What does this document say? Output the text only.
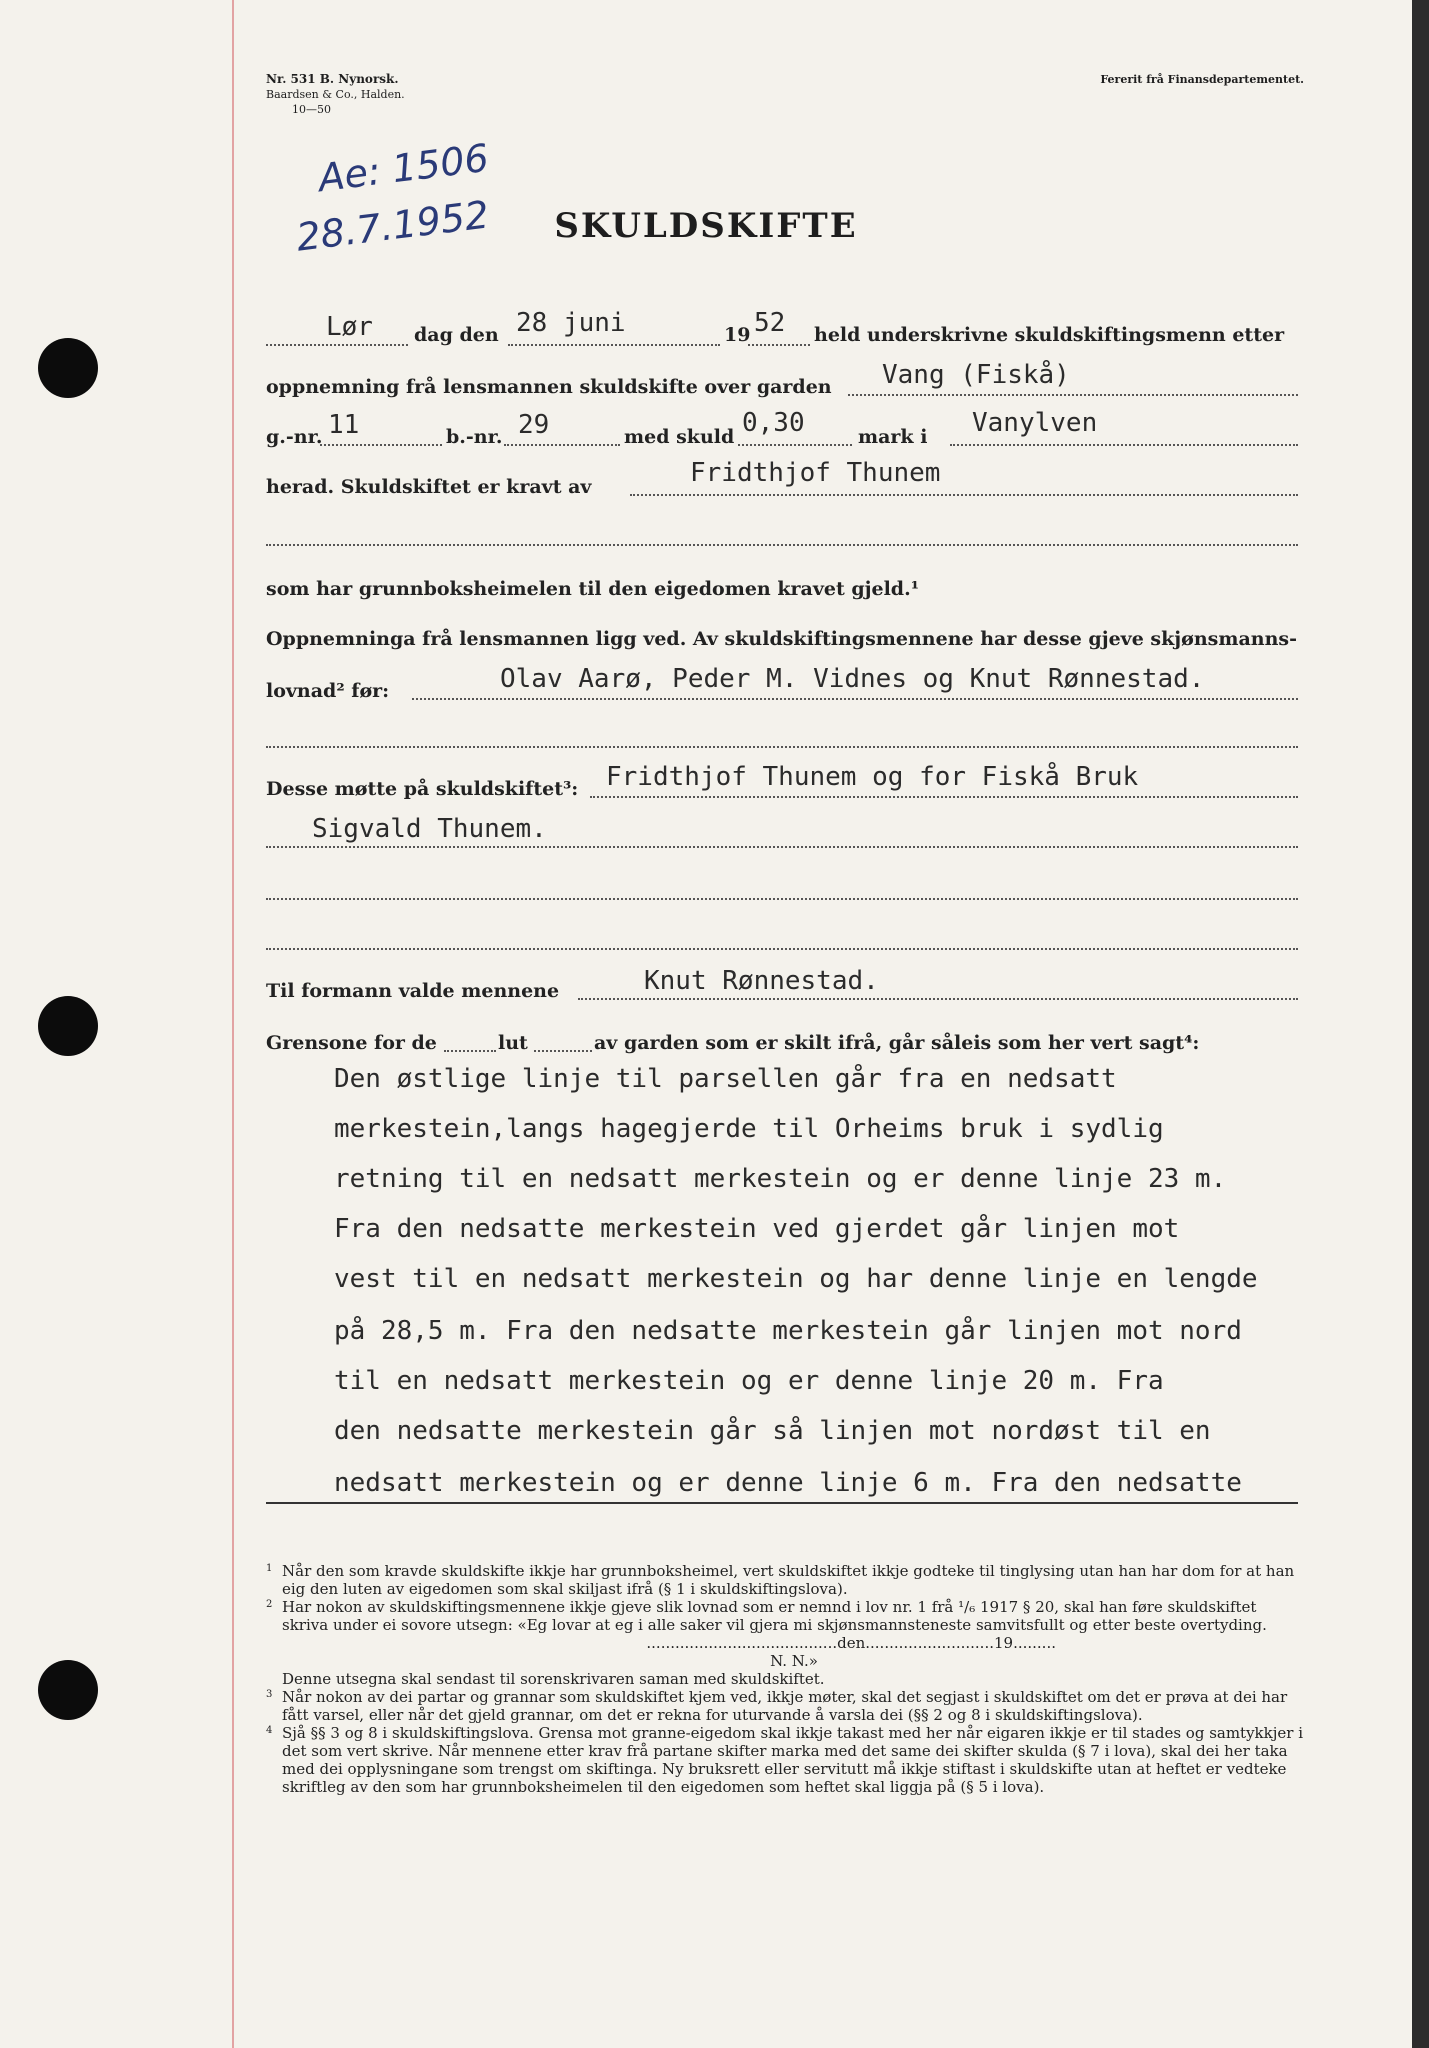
Nr. 531 B. Nynorsk.
Baardsen & Co., Halden.
10—50
Fererit frå Finansdepartementet.
Ae: 1506
28.7.1952	SKULDSKIFTE
Lør dag den 28 juni	19 52 held underskrivne skuldskiftingsmenn etter
oppnemning frå lensmannen skuldskifte over garden Vang (Fiskå)
g.-nr. 11	b.-nr. 29	med skuld 0,30	mark i Vanylven
herad. Skuldskiftet er kravt av	Fridthjof Thunem
som har grunnboksheimelen til den eigedomen kravet gjeld.¹
Oppnemninga frå lensmannen ligg ved. Av skuldskiftingsmennene har desse gjeve skjønsmanns-
lovnad² før:	Olav Aarø, Peder M. Vidnes og Knut Rønnestad.
Desse møtte på skuldskiftet³: Fridthjof Thunem og for Fiskå Bruk
Sigvald Thunem.
Til formann valde mennene	Knut Rønnestad.
Grensone for de	lut	av garden som er skilt ifrå, går såleis som her vert sagt⁴:
Den østlige linje til parsellen går fra en nedsatt
merkestein,langs hagegjerde til Orheims bruk i sydlig
retning til en nedsatt merkestein og er denne linje 23 m.
Fra den nedsatte merkestein ved gjerdet går linjen mot
vest til en nedsatt merkestein og har denne linje en lengde
på 28,5 m. Fra den nedsatte merkestein går linjen mot nord
til en nedsatt merkestein og er denne linje 20 m. Fra
den nedsatte merkestein går så linjen mot nordøst til en
nedsatt merkestein og er denne linje 6 m. Fra den nedsatte

1 Når den som kravde skuldskifte ikkje har grunnboksheimel, vert skuldskiftet ikkje godteke til tinglysing utan han har dom for at han eig den luten av eigedomen som skal skiljast ifrå (§ 1 i skuldskiftingslova).

2 Har nokon av skuldskiftingsmennene ikkje gjeve slik lovnad som er nemnd i lov nr. 1 frå ¹/₆ 1917 § 20, skal han føre skuldskiftet skriva under ei sovore utsegn: «Eg lovar at eg i alle saker vil gjera mi skjønsmannsteneste samvitsfullt og etter beste overtyding.

........................................den...........................19.........

N. N.»

Denne utsegna skal sendast til sorenskrivaren saman med skuldskiftet.

3 Når nokon av dei partar og grannar som skuldskiftet kjem ved, ikkje møter, skal det segjast i skuldskiftet om det er prøva at dei har fått varsel, eller når det gjeld grannar, om det er rekna for uturvande å varsla dei (§§ 2 og 8 i skuldskiftingslova).

4 Sjå §§ 3 og 8 i skuldskiftingslova. Grensa mot granne-eigedom skal ikkje takast med her når eigaren ikkje er til stades og samtykkjer i det som vert skrive. Når mennene etter krav frå partane skifter marka med det same dei skifter skulda (§ 7 i lova), skal dei her taka med dei opplysningane som trengst om skiftinga. Ny bruksrett eller servitutt må ikkje stiftast i skuldskifte utan at heftet er vedteke skriftleg av den som har grunnboksheimelen til den eigedomen som heftet skal liggja på (§ 5 i lova).
